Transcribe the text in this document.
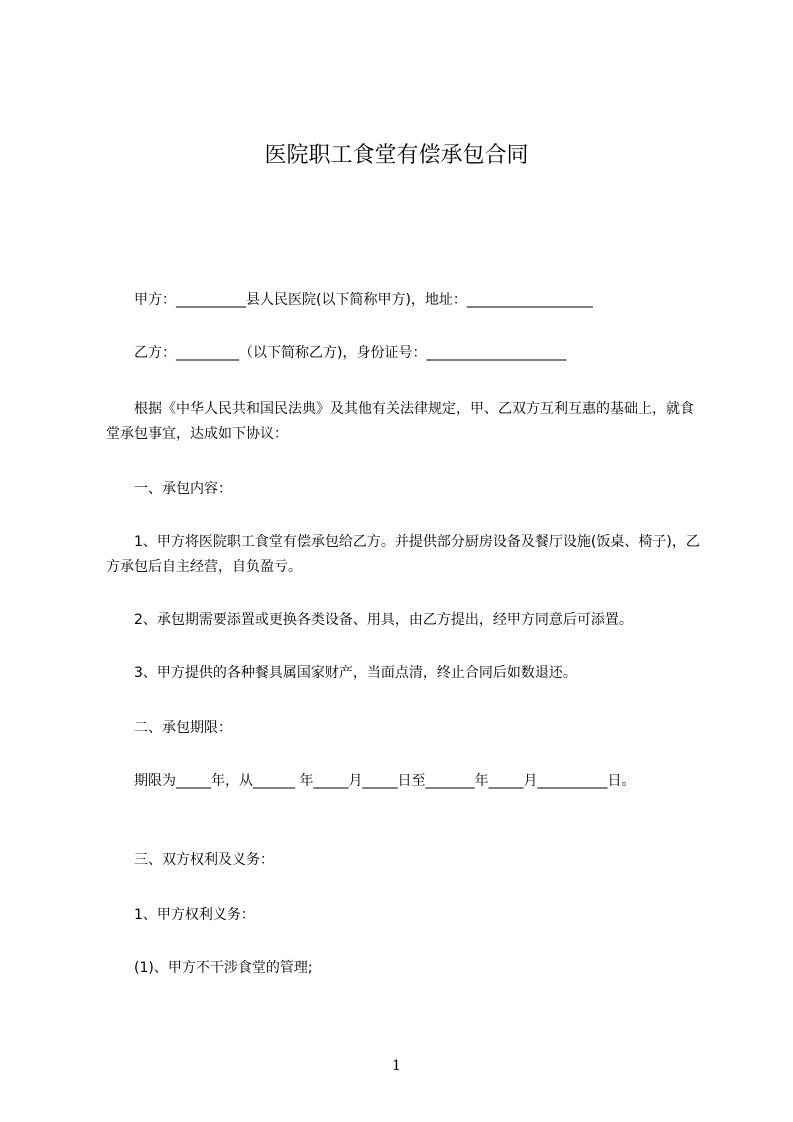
医院职工食堂有偿承包合同

　　甲方：__________县人民医院(以下简称甲方)，地址：__________________

　　乙方：_________（以下简称乙方)，身份证号：____________________

　　根据《中华人民共和国民法典》及其他有关法律规定，甲、乙双方互利互惠的基础上，就食堂承包事宜，达成如下协议：

　　一、承包内容：

　　1、甲方将医院职工食堂有偿承包给乙方。并提供部分厨房设备及餐厅设施(饭桌、椅子)，乙方承包后自主经营，自负盈亏。

　　2、承包期需要添置或更换各类设备、用具，由乙方提出，经甲方同意后可添置。

　　3、甲方提供的各种餐具属国家财产，当面点清，终止合同后如数退还。

　　二、承包期限：

　　期限为_____年，从______ 年_____月_____日至_______年_____月__________日。

　　三、双方权利及义务：

　　1、甲方权利义务：

　　(1)、甲方不干涉食堂的管理;

1
